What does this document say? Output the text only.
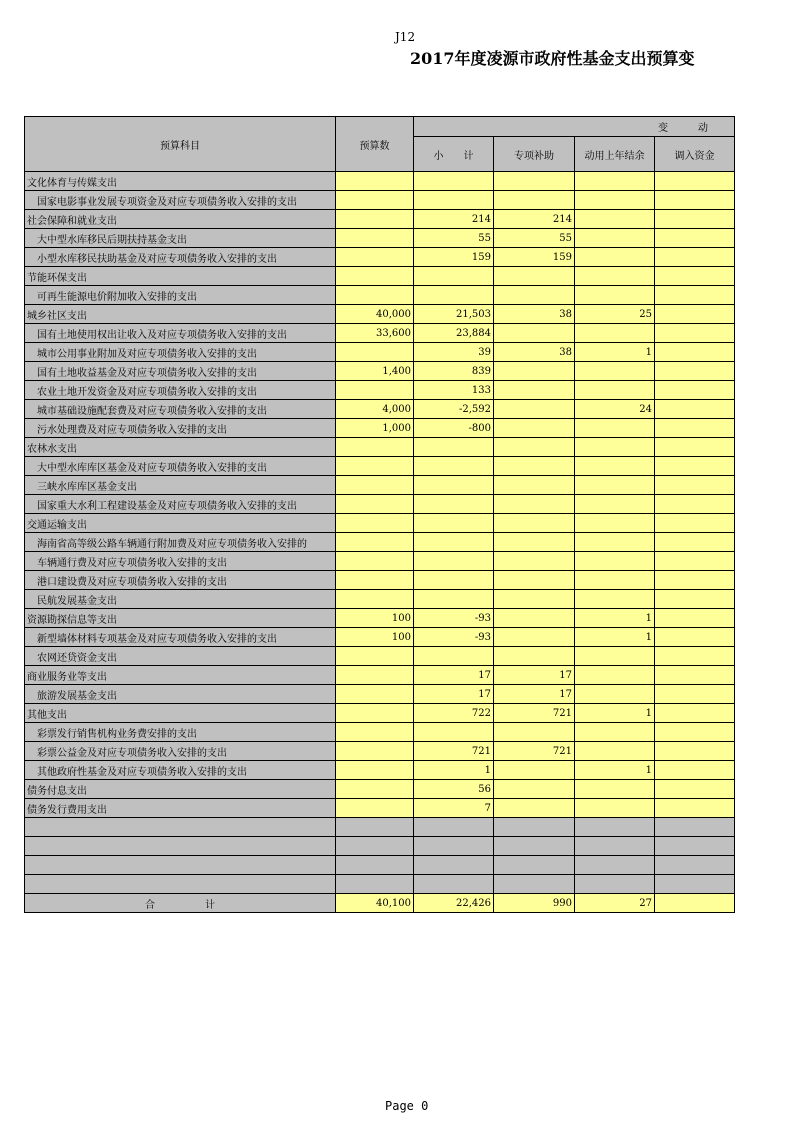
J12
2017年度凌源市政府性基金支出预算变
预算科目	预算数	变　　　动			
		小　　计	专项补助	动用上年结余	调入资金
文化体育与传媒支出					
国家电影事业发展专项资金及对应专项债务收入安排的支出					
社会保障和就业支出		214	214		
大中型水库移民后期扶持基金支出		55	55		
小型水库移民扶助基金及对应专项债务收入安排的支出		159	159		
节能环保支出					
可再生能源电价附加收入安排的支出					
城乡社区支出	40,000	21,503	38	25	
国有土地使用权出让收入及对应专项债务收入安排的支出	33,600	23,884			
城市公用事业附加及对应专项债务收入安排的支出		39	38	1	
国有土地收益基金及对应专项债务收入安排的支出	1,400	839			
农业土地开发资金及对应专项债务收入安排的支出		133			
城市基础设施配套费及对应专项债务收入安排的支出	4,000	-2,592		24	
污水处理费及对应专项债务收入安排的支出	1,000	-800			
农林水支出					
大中型水库库区基金及对应专项债务收入安排的支出					
三峡水库库区基金支出					
国家重大水利工程建设基金及对应专项债务收入安排的支出					
交通运输支出					
海南省高等级公路车辆通行附加费及对应专项债务收入安排的					
车辆通行费及对应专项债务收入安排的支出					
港口建设费及对应专项债务收入安排的支出					
民航发展基金支出					
资源勘探信息等支出	100	-93		1	
新型墙体材料专项基金及对应专项债务收入安排的支出	100	-93		1	
农网还贷资金支出					
商业服务业等支出		17	17		
旅游发展基金支出		17	17		
其他支出		722	721	1	
彩票发行销售机构业务费安排的支出					
彩票公益金及对应专项债务收入安排的支出		721	721		
其他政府性基金及对应专项债务收入安排的支出		1		1	
债务付息支出		56			
债务发行费用支出		7			

合　　　　　计	40,100	22,426	990	27	
Page 0
